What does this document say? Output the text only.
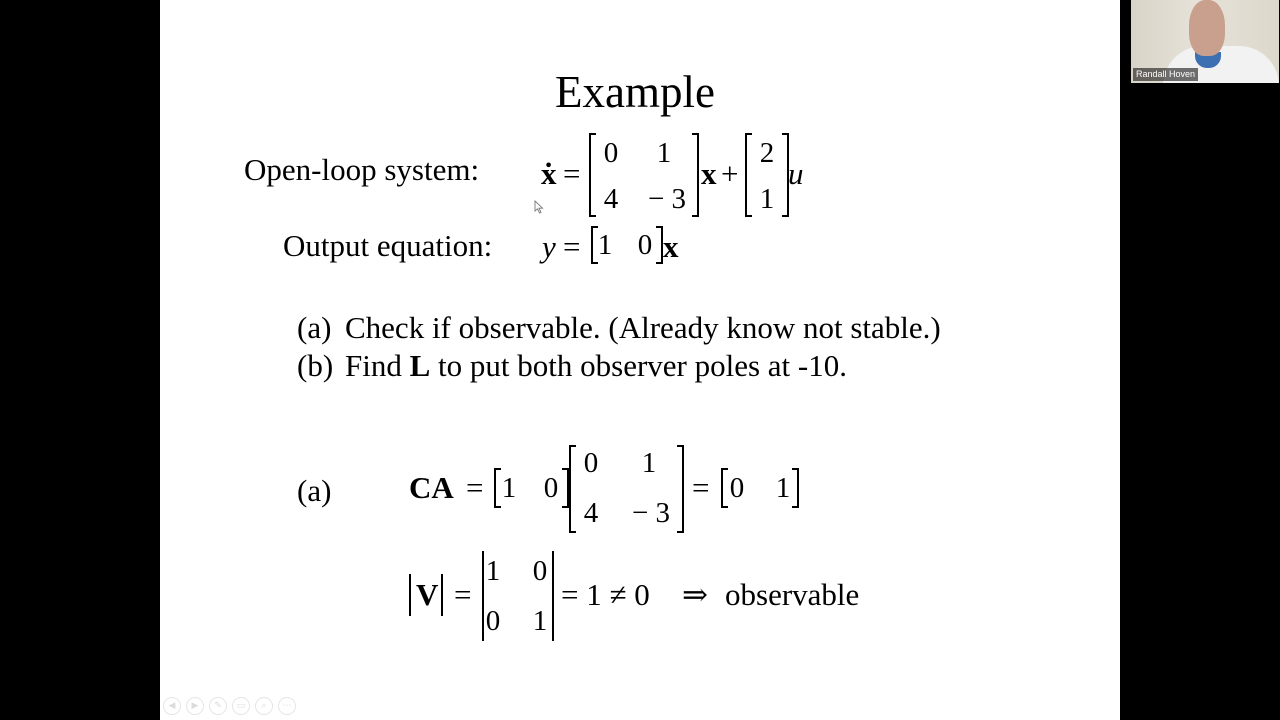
Example
Open-loop system: ẋ =
0 1
4 − 3
x +
2
1
u
Output equation: y = 1 0 x
(a) Check if observable. (Already know not stable.)
(b) Find L to put both observer poles at -10.
(a)	CA = 1 0
0 1
4 − 3
= 0 1
V =
1 0
0 1
= 1 ≠ 0 ⇒ observable
◀	▶	✎	▭	⌕	⋯
Randall Hoven
